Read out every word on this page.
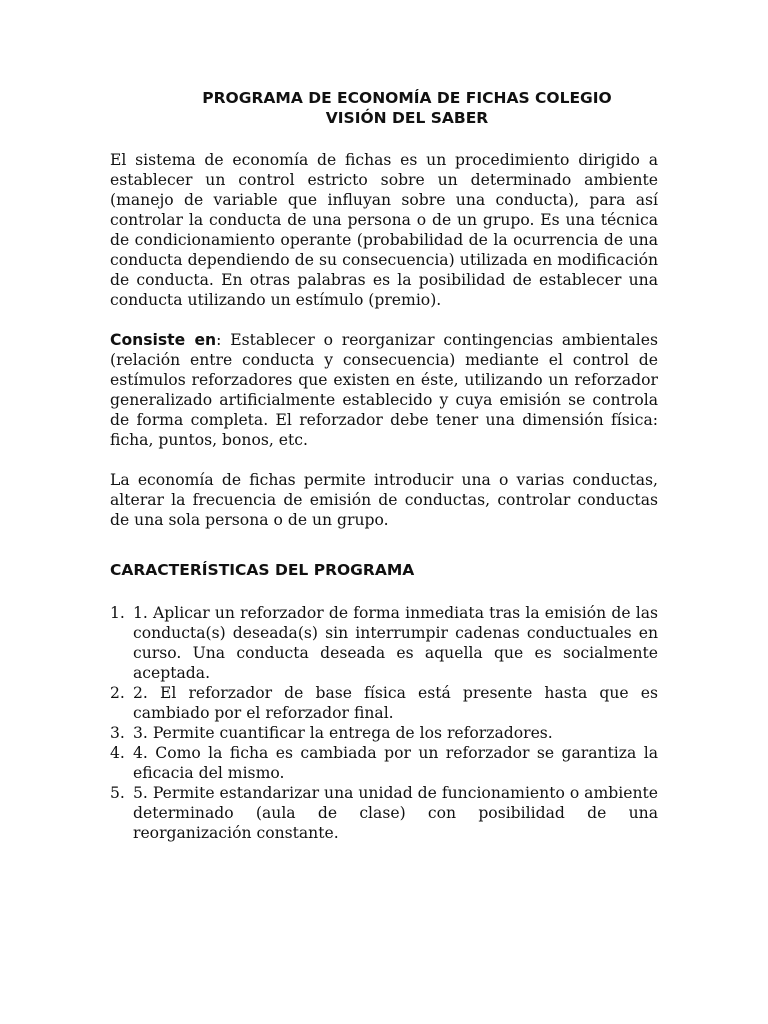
PROGRAMA DE ECONOMÍA DE FICHAS COLEGIO
VISIÓN DEL SABER

El sistema de economía de fichas es un procedimiento dirigido a establecer un control estricto sobre un determinado ambiente (manejo de variable que influyan sobre una conducta), para así controlar la conducta de una persona o de un grupo. Es una técnica de condicionamiento operante (probabilidad de la ocurrencia de una conducta dependiendo de su consecuencia) utilizada en modificación de conducta. En otras palabras es la posibilidad de establecer una conducta utilizando un estímulo (premio).

Consiste en: Establecer o reorganizar contingencias ambientales (relación entre conducta y consecuencia) mediante el control de estímulos reforzadores que existen en éste, utilizando un reforzador generalizado artificialmente establecido y cuya emisión se controla de forma completa. El reforzador debe tener una dimensión física: ficha, puntos, bonos, etc.

La economía de fichas permite introducir una o varias conductas, alterar la frecuencia de emisión de conductas, controlar conductas de una sola persona o de un grupo.

CARACTERÍSTICAS DEL PROGRAMA
1. 1. Aplicar un reforzador de forma inmediata tras la emisión de las conducta(s) deseada(s) sin interrumpir cadenas conductuales en curso. Una conducta deseada es aquella que es socialmente aceptada.
2. 2. El reforzador de base física está presente hasta que es cambiado por el reforzador final.
3. 3. Permite cuantificar la entrega de los reforzadores.
4. 4. Como la ficha es cambiada por un reforzador se garantiza la eficacia del mismo.
5. 5. Permite estandarizar una unidad de funcionamiento o ambiente determinado (aula de clase) con posibilidad de una reorganización constante.
